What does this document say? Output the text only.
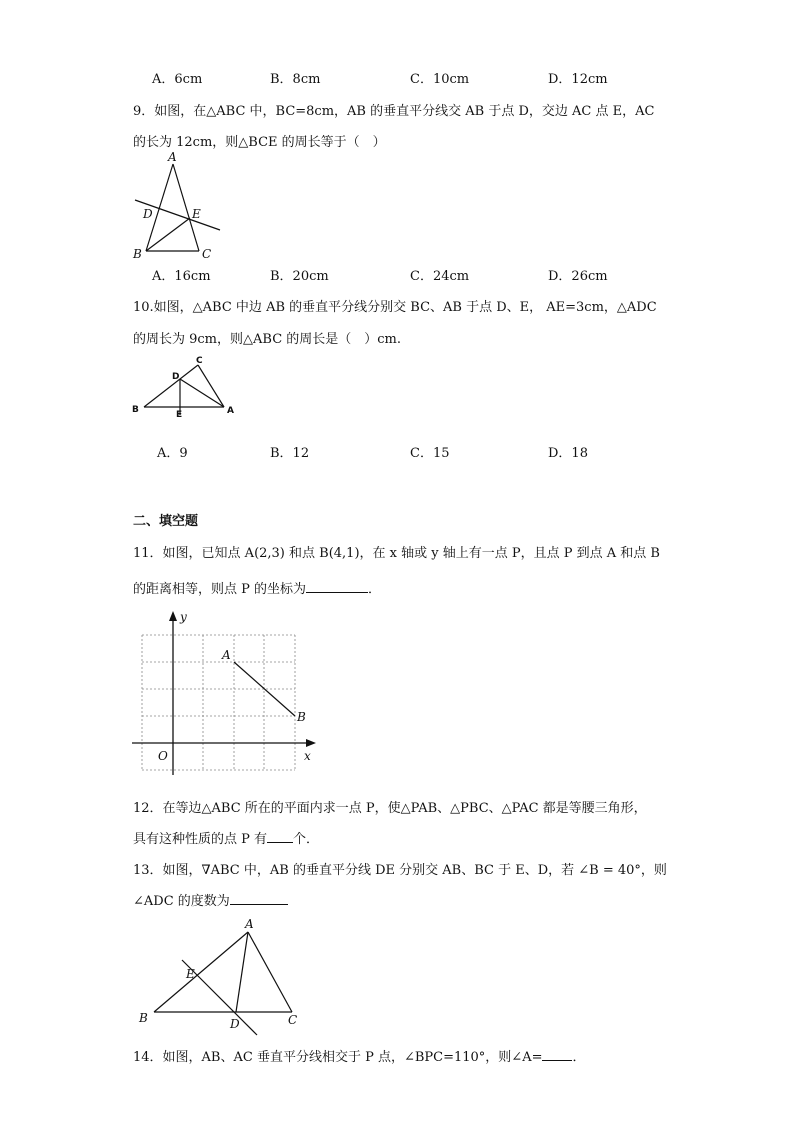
A．6cm	B．8cm	C．10cm	D．12cm
9．如图，在△ABC 中，BC=8cm，AB 的垂直平分线交 AB 于点 D，交边 AC 点 E，AC
的长为 12cm，则△BCE 的周长等于（　）
A
D	E
B	C
A．16cm	B．20cm	C．24cm	D．26cm
10.如图，△ABC 中边 AB 的垂直平分线分别交 BC、AB 于点 D、E， AE=3cm，△ADC
的周长为 9cm，则△ABC 的周长是（　）cm.
C
D
B	E	A
A．9	B．12	C．15	D．18
二、填空题
11．如图，已知点 A(2,3) 和点 B(4,1)，在 x 轴或 y 轴上有一点 P，且点 P 到点 A 和点 B
的距离相等，则点 P 的坐标为	．
y
x
O
A
B
12．在等边△ABC 所在的平面内求一点 P，使△PAB、△PBC、△PAC 都是等腰三角形，
具有这种性质的点 P 有 个．
13．如图，∇ABC 中，AB 的垂直平分线 DE 分别交 AB、BC 于 E、D，若 ∠B = 40°，则
∠ADC 的度数为
A
E
B	D	C
14．如图，AB、AC 垂直平分线相交于 P 点，∠BPC=110°，则∠A= ．
